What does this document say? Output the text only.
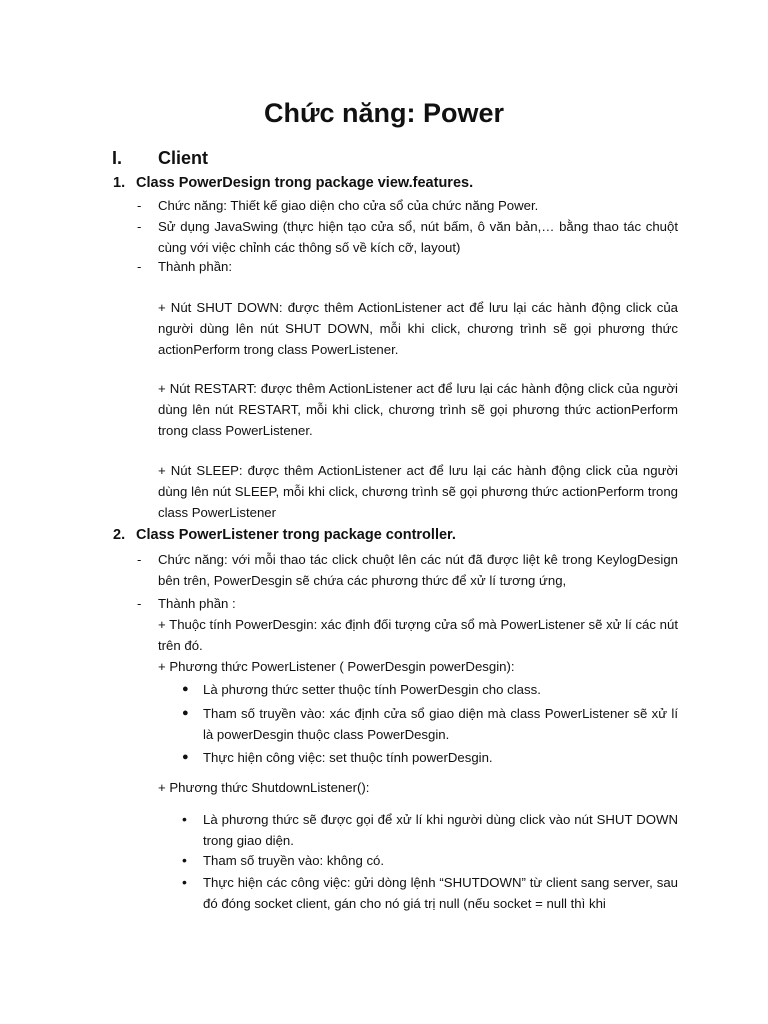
Chức năng: Power
I. Client
1. Class PowerDesign trong package view.features.
- Chức năng: Thiết kế giao diện cho cửa sổ của chức năng Power.

- Sử dụng JavaSwing (thực hiện tạo cửa sổ, nút bấm, ô văn bản,… bằng thao tác chuột cùng với việc chỉnh các thông số về kích cỡ, layout)

- Thành phần:

+ Nút SHUT DOWN: được thêm ActionListener act để lưu lại các hành động click của người dùng lên nút SHUT DOWN, mỗi khi click, chương trình sẽ gọi phương thức actionPerform trong class PowerListener.

+ Nút RESTART: được thêm ActionListener act để lưu lại các hành động click của người dùng lên nút RESTART, mỗi khi click, chương trình sẽ gọi phương thức actionPerform trong class PowerListener.

+ Nút SLEEP: được thêm ActionListener act để lưu lại các hành động click của người dùng lên nút SLEEP, mỗi khi click, chương trình sẽ gọi phương thức actionPerform trong class PowerListener

2. Class PowerListener trong package controller.
- Chức năng: với mỗi thao tác click chuột lên các nút đã được liệt kê trong KeylogDesign bên trên, PowerDesgin sẽ chứa các phương thức để xử lí tương ứng,

- Thành phần :

+ Thuộc tính PowerDesgin: xác định đối tượng cửa sổ mà PowerListener sẽ xử lí các nút trên đó.

+ Phương thức PowerListener ( PowerDesgin powerDesgin):

● Là phương thức setter thuộc tính PowerDesgin cho class.

● Tham số truyền vào: xác định cửa sổ giao diện mà class PowerListener sẽ xử lí là powerDesgin thuộc class PowerDesgin.

● Thực hiện công việc: set thuộc tính powerDesgin.

+ Phương thức ShutdownListener():

• Là phương thức sẽ được gọi để xử lí khi người dùng click vào nút SHUT DOWN trong giao diện.

• Tham số truyền vào: không có.

• Thực hiện các công việc: gửi dòng lệnh “SHUTDOWN” từ client sang server, sau đó đóng socket client, gán cho nó giá trị null (nếu socket = null thì khi
